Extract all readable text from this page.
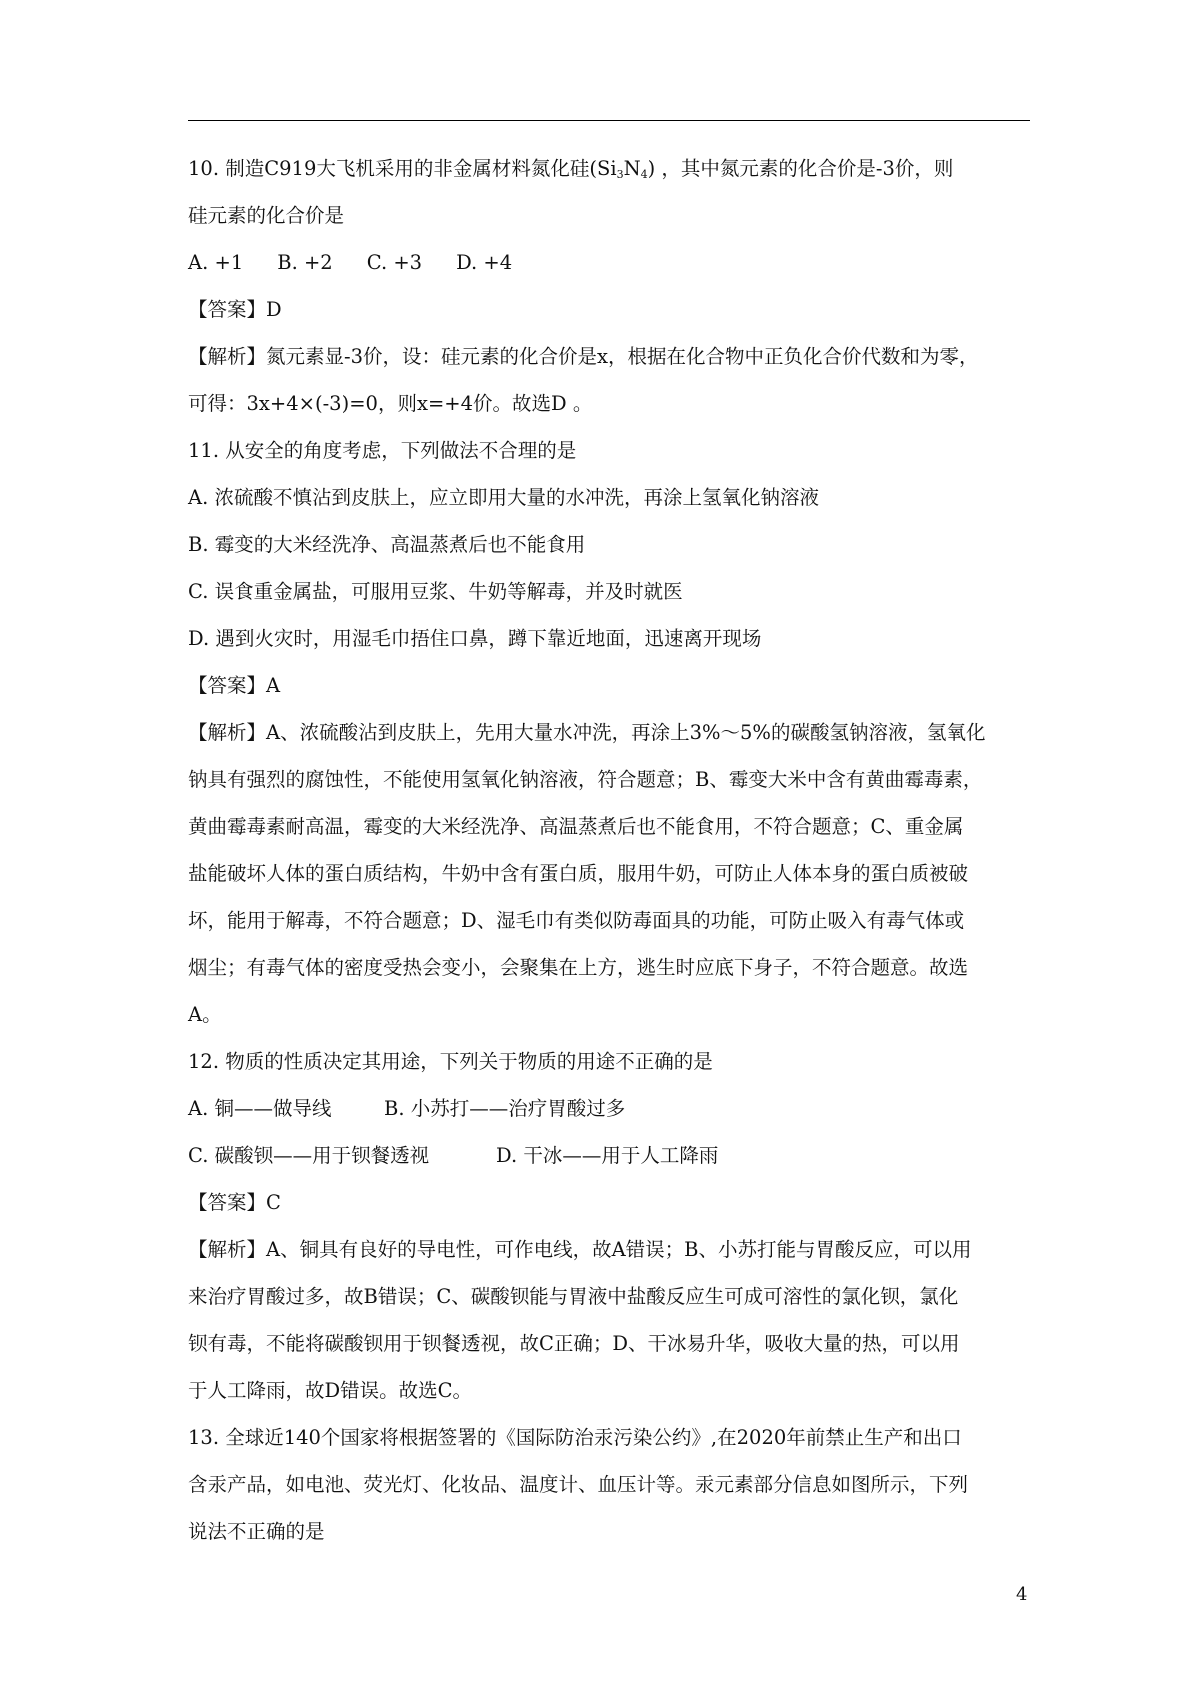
10. 制造C919大飞机采用的非金属材料氮化硅$(Si_3N_4)$ ，其中氮元素的化合价是-3价，则
硅元素的化合价是
A. +1 B. +2 C. +3 D. +4
【答案】D
【解析】氮元素显-3价，设：硅元素的化合价是x，根据在化合物中正负化合价代数和为零，
可得：3x+4×(-3)=0，则x=+4价。故选D 。
11. 从安全的角度考虑，下列做法不合理的是
A. 浓硫酸不慎沾到皮肤上，应立即用大量的水冲洗，再涂上氢氧化钠溶液
B. 霉变的大米经洗净、高温蒸煮后也不能食用
C. 误食重金属盐，可服用豆浆、牛奶等解毒，并及时就医
D. 遇到火灾时，用湿毛巾捂住口鼻，蹲下靠近地面，迅速离开现场
【答案】A
【解析】A、浓硫酸沾到皮肤上，先用大量水冲洗，再涂上3%～5%的碳酸氢钠溶液，氢氧化
钠具有强烈的腐蚀性，不能使用氢氧化钠溶液，符合题意；B、霉变大米中含有黄曲霉毒素，
黄曲霉毒素耐高温，霉变的大米经洗净、高温蒸煮后也不能食用，不符合题意；C、重金属
盐能破坏人体的蛋白质结构，牛奶中含有蛋白质，服用牛奶，可防止人体本身的蛋白质被破
坏，能用于解毒，不符合题意；D、湿毛巾有类似防毒面具的功能，可防止吸入有毒气体或
烟尘；有毒气体的密度受热会变小，会聚集在上方，逃生时应底下身子，不符合题意。故选
A。
12. 物质的性质决定其用途，下列关于物质的用途不正确的是
A. 铜——做导线	B. 小苏打——治疗胃酸过多
C. 碳酸钡——用于钡餐透视	D. 干冰——用于人工降雨
【答案】C
【解析】A、铜具有良好的导电性，可作电线，故A错误；B、小苏打能与胃酸反应，可以用
来治疗胃酸过多，故B错误；C、碳酸钡能与胃液中盐酸反应生可成可溶性的氯化钡，氯化
钡有毒，不能将碳酸钡用于钡餐透视，故C正确；D、干冰易升华，吸收大量的热，可以用
于人工降雨，故D错误。故选C。
13. 全球近140个国家将根据签署的《国际防治汞污染公约》,在2020年前禁止生产和出口
含汞产品，如电池、荧光灯、化妆品、温度计、血压计等。汞元素部分信息如图所示，下列
说法不正确的是
4
